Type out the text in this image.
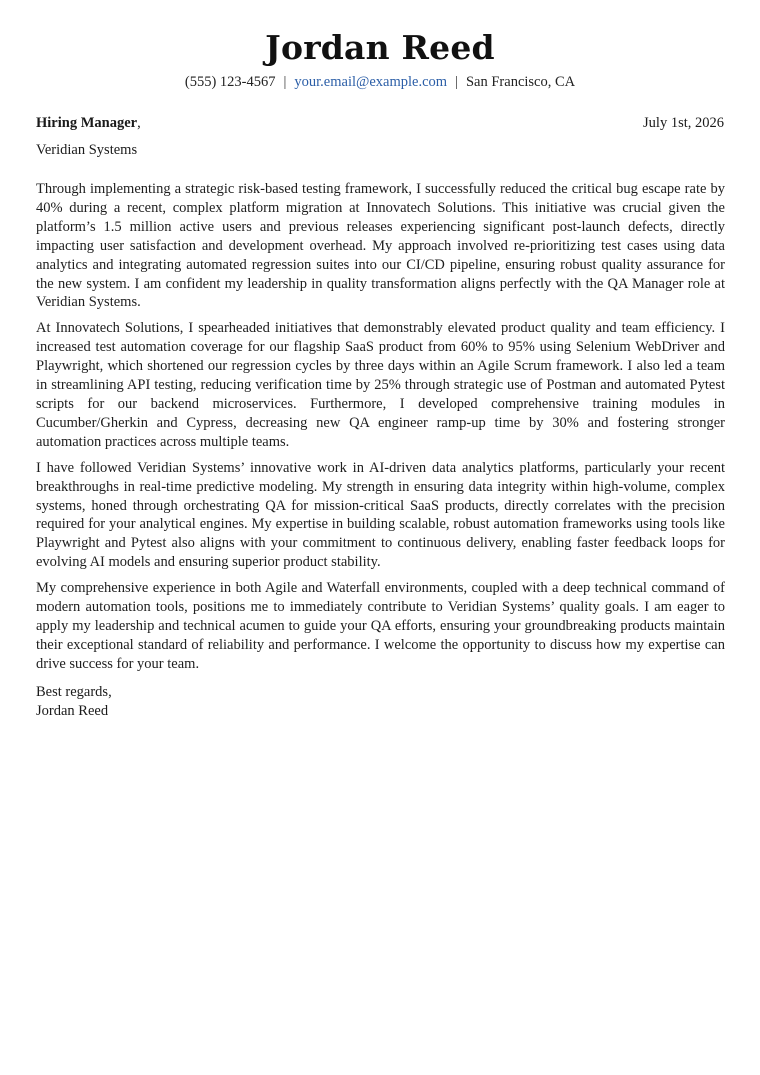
Jordan Reed
(555) 123-4567 | your.email@example.com | San Francisco, CA
Hiring Manager,	July 1st, 2026
Veridian Systems

Through implementing a strategic risk-based testing framework, I successfully reduced the critical bug escape rate by 40% during a recent, complex platform migration at Innovatech Solutions. This initiative was crucial given the platform’s 1.5 million active users and previous releases experiencing significant post-launch defects, directly impacting user satisfaction and development overhead. My approach involved re-prioritizing test cases using data analytics and integrating automated regression suites into our CI/CD pipeline, ensuring robust quality assurance for the new system. I am confident my leadership in quality transformation aligns perfectly with the QA Manager role at Veridian Systems.

At Innovatech Solutions, I spearheaded initiatives that demonstrably elevated product quality and team efficiency. I increased test automation coverage for our flagship SaaS product from 60% to 95% using Selenium WebDriver and Playwright, which shortened our regression cycles by three days within an Agile Scrum framework. I also led a team in streamlining API testing, reducing verification time by 25% through strategic use of Postman and automated Pytest scripts for our backend microservices. Furthermore, I developed comprehensive training modules in Cucumber/Gherkin and Cypress, decreasing new QA engineer ramp-up time by 30% and fostering stronger automation practices across multiple teams.

I have followed Veridian Systems’ innovative work in AI-driven data analytics platforms, particularly your recent breakthroughs in real-time predictive modeling. My strength in ensuring data integrity within high-volume, complex systems, honed through orchestrating QA for mission-critical SaaS products, directly correlates with the precision required for your analytical engines. My expertise in building scalable, robust automation frameworks using tools like Playwright and Pytest also aligns with your commitment to continuous delivery, enabling faster feedback loops for evolving AI models and ensuring superior product stability.

My comprehensive experience in both Agile and Waterfall environments, coupled with a deep technical command of modern automation tools, positions me to immediately contribute to Veridian Systems’ quality goals. I am eager to apply my leadership and technical acumen to guide your QA efforts, ensuring your groundbreaking products maintain their exceptional standard of reliability and performance. I welcome the opportunity to discuss how my expertise can drive success for your team.

Best regards,
Jordan Reed
